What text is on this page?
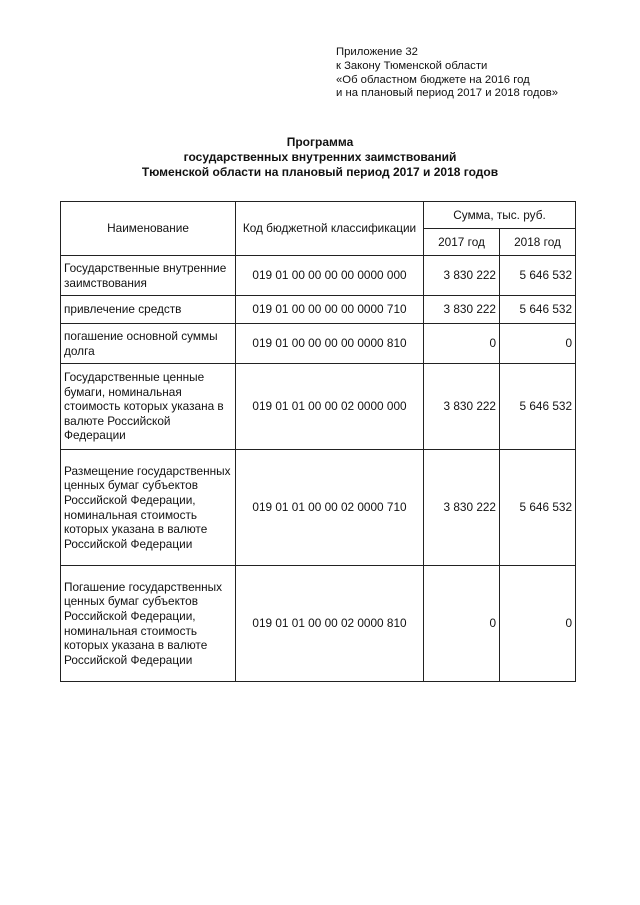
Приложение 32
к Закону Тюменской области
«Об областном бюджете на 2016 год
и на плановый период 2017 и 2018 годов»
Программа
государственных внутренних заимствований
Тюменской области на плановый период 2017 и 2018 годов
Наименование	Код бюджетной классификации	Сумма, тыс. руб.	
		2017 год	2018 год
Государственные внутренние заимствования	019 01 00 00 00 00 0000 000	3 830 222	5 646 532
привлечение средств	019 01 00 00 00 00 0000 710	3 830 222	5 646 532
погашение основной суммы долга	019 01 00 00 00 00 0000 810	0	0
Государственные ценные бумаги, номинальная стоимость которых указана в валюте Российской Федерации	019 01 01 00 00 02 0000 000	3 830 222	5 646 532
Размещение государственных ценных бумаг субъектов Российской Федерации, номинальная стоимость которых указана в валюте Российской Федерации	019 01 01 00 00 02 0000 710	3 830 222	5 646 532
Погашение государственных ценных бумаг субъектов Российской Федерации, номинальная стоимость которых указана в валюте Российской Федерации	019 01 01 00 00 02 0000 810	0	0
